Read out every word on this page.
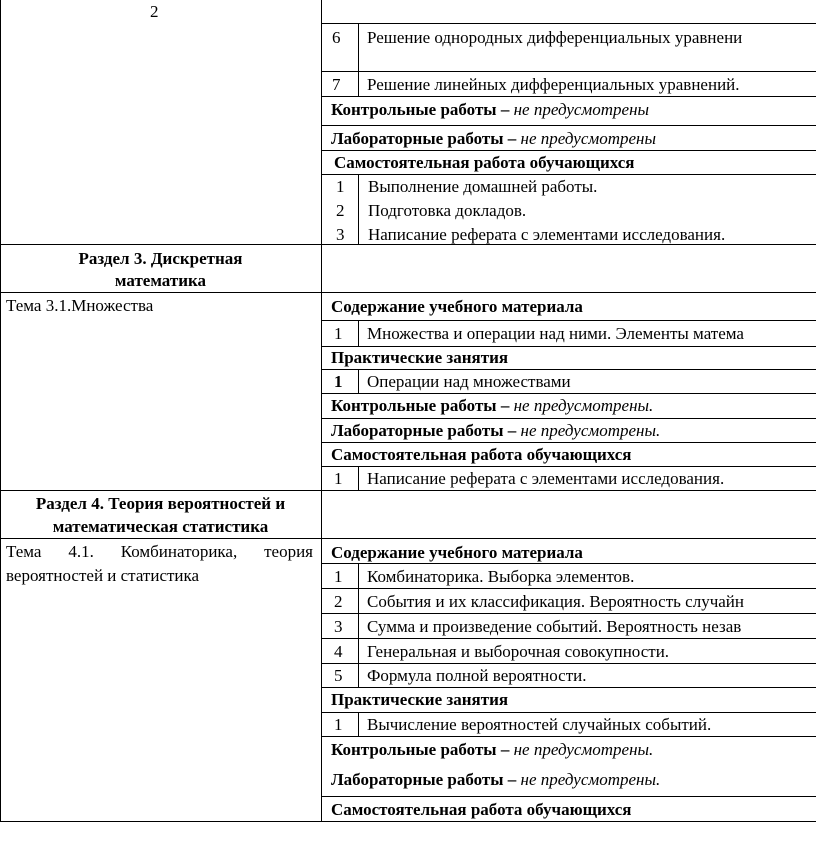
2
6 Решение однородных дифференциальных уравнени
7 Решение линейных дифференциальных уравнений.
Контрольные работы – не предусмотрены
Лабораторные работы – не предусмотрены
Самостоятельная работа обучающихся
1 Выполнение домашней работы.
2 Подготовка докладов.
3 Написание реферата с элементами исследования.
Раздел 3. Дискретная
математика
Тема 3.1.Множества	Содержание учебного материала
1 Множества и операции над ними. Элементы матема
Практические занятия
1 Операции над множествами
Контрольные работы – не предусмотрены.
Лабораторные работы – не предусмотрены.
Самостоятельная работа обучающихся
1 Написание реферата с элементами исследования.
Раздел 4. Теория вероятностей и
математическая статистика
Тема 4.1. Комбинаторика, теория
вероятностей и статистика
Содержание учебного материала
1 Комбинаторика. Выборка элементов.
2 События и их классификация. Вероятность случайн
3 Сумма и произведение событий. Вероятность незав
4 Генеральная и выборочная совокупности.
5 Формула полной вероятности.
Практические занятия
1 Вычисление вероятностей случайных событий.
Контрольные работы – не предусмотрены.
Лабораторные работы – не предусмотрены.
Самостоятельная работа обучающихся
